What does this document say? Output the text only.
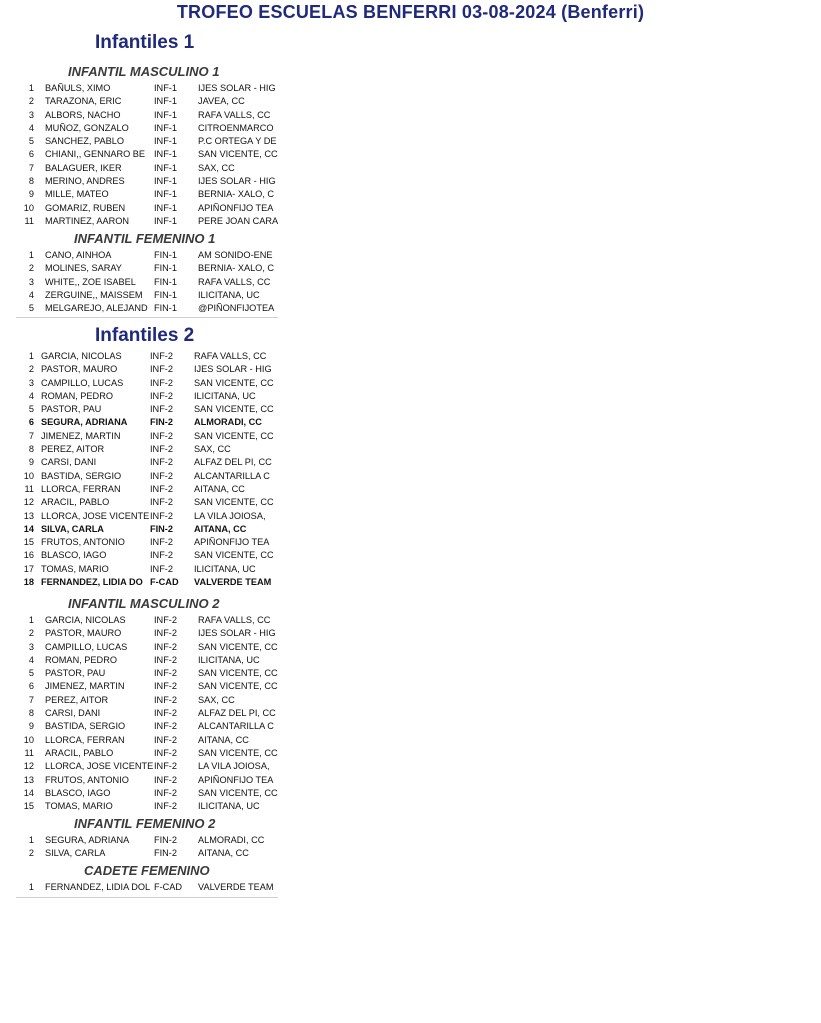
TROFEO ESCUELAS BENFERRI 03-08-2024 (Benferri)
Infantiles 1
INFANTIL MASCULINO 1
1 BAÑULS, XIMO	INF-1	IJES SOLAR - HIG
2 TARAZONA, ERIC	INF-1	JAVEA, CC
3 ALBORS, NACHO	INF-1	RAFA VALLS, CC
4 MUÑOZ, GONZALO	INF-1	CITROENMARCO
5 SANCHEZ, PABLO	INF-1	P.C ORTEGA Y DE
6 CHIANI,, GENNARO BE INF-1	SAN VICENTE, CC
7 BALAGUER, IKER	INF-1	SAX, CC
8 MERINO, ANDRES	INF-1	IJES SOLAR - HIG
9 MILLE, MATEO	INF-1	BERNIA- XALO, C
10 GOMARIZ, RUBEN	INF-1	APIÑONFIJO TEA
11 MARTINEZ, AARON	INF-1	PERE JOAN CARA
INFANTIL FEMENINO 1
1 CANO, AINHOA	FIN-1	AM SONIDO-ENE
2 MOLINES, SARAY	FIN-1	BERNIA- XALO, C
3 WHITE,, ZOE ISABEL	FIN-1	RAFA VALLS, CC
4 ZERGUINE,, MAISSEM	FIN-1	ILICITANA, UC
5 MELGAREJO, ALEJAND FIN-1	@PIÑONFIJOTEA
Infantiles 2
1 GARCIA, NICOLAS	INF-2	RAFA VALLS, CC
2 PASTOR, MAURO	INF-2	IJES SOLAR - HIG
3 CAMPILLO, LUCAS	INF-2	SAN VICENTE, CC
4 ROMAN, PEDRO	INF-2	ILICITANA, UC
5 PASTOR, PAU	INF-2	SAN VICENTE, CC
6 SEGURA, ADRIANA	FIN-2	ALMORADI, CC
7 JIMENEZ, MARTIN	INF-2	SAN VICENTE, CC
8 PEREZ, AITOR	INF-2	SAX, CC
9 CARSI, DANI	INF-2	ALFAZ DEL PI, CC
10 BASTIDA, SERGIO	INF-2	ALCANTARILLA C
11 LLORCA, FERRAN	INF-2	AITANA, CC
12 ARACIL, PABLO	INF-2	SAN VICENTE, CC
13 LLORCA, JOSE VICENTE INF-2	LA VILA JOIOSA,
14 SILVA, CARLA	FIN-2	AITANA, CC
15 FRUTOS, ANTONIO	INF-2	APIÑONFIJO TEA
16 BLASCO, IAGO	INF-2	SAN VICENTE, CC
17 TOMAS, MARIO	INF-2	ILICITANA, UC
18 FERNANDEZ, LIDIA DO F-CAD	VALVERDE TEAM
INFANTIL MASCULINO 2
1 GARCIA, NICOLAS	INF-2	RAFA VALLS, CC
2 PASTOR, MAURO	INF-2	IJES SOLAR - HIG
3 CAMPILLO, LUCAS	INF-2	SAN VICENTE, CC
4 ROMAN, PEDRO	INF-2	ILICITANA, UC
5 PASTOR, PAU	INF-2	SAN VICENTE, CC
6 JIMENEZ, MARTIN	INF-2	SAN VICENTE, CC
7 PEREZ, AITOR	INF-2	SAX, CC
8 CARSI, DANI	INF-2	ALFAZ DEL PI, CC
9 BASTIDA, SERGIO	INF-2	ALCANTARILLA C
10 LLORCA, FERRAN	INF-2	AITANA, CC
11 ARACIL, PABLO	INF-2	SAN VICENTE, CC
12 LLORCA, JOSE VICENTE INF-2	LA VILA JOIOSA,
13 FRUTOS, ANTONIO	INF-2	APIÑONFIJO TEA
14 BLASCO, IAGO	INF-2	SAN VICENTE, CC
15 TOMAS, MARIO	INF-2	ILICITANA, UC
INFANTIL FEMENINO 2
1 SEGURA, ADRIANA	FIN-2	ALMORADI, CC
2 SILVA, CARLA	FIN-2	AITANA, CC
CADETE FEMENINO
1 FERNANDEZ, LIDIA DOL F-CAD	VALVERDE TEAM
